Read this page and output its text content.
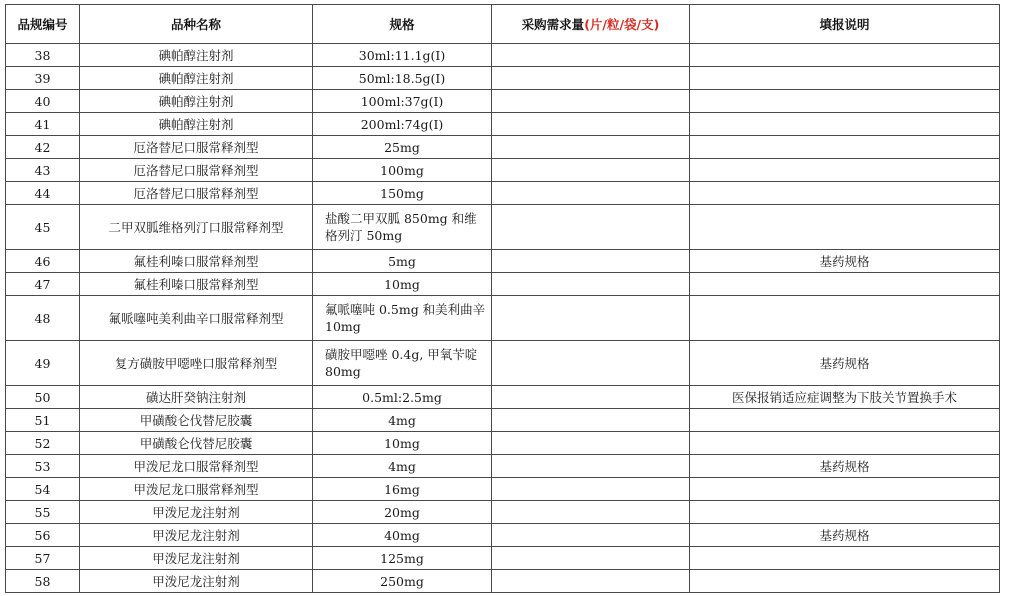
品规编号	品种名称	规格	采购需求量(片/粒/袋/支)	填报说明
38	碘帕醇注射剂	30ml:11.1g(I)		
39	碘帕醇注射剂	50ml:18.5g(I)		
40	碘帕醇注射剂	100ml:37g(I)		
41	碘帕醇注射剂	200ml:74g(I)		
42	厄洛替尼口服常释剂型	25mg		
43	厄洛替尼口服常释剂型	100mg		
44	厄洛替尼口服常释剂型	150mg		
45	二甲双胍维格列汀口服常释剂型	盐酸二甲双胍 850mg 和维格列汀 50mg		
46	氟桂利嗪口服常释剂型	5mg		基药规格
47	氟桂利嗪口服常释剂型	10mg		
48	氟哌噻吨美利曲辛口服常释剂型	氟哌噻吨 0.5mg 和美利曲辛 10mg		
49	复方磺胺甲噁唑口服常释剂型	磺胺甲噁唑 0.4g, 甲氧苄啶 80mg		基药规格
50	磺达肝癸钠注射剂	0.5ml:2.5mg		医保报销适应症调整为下肢关节置换手术
51	甲磺酸仑伐替尼胶囊	4mg		
52	甲磺酸仑伐替尼胶囊	10mg		
53	甲泼尼龙口服常释剂型	4mg		基药规格
54	甲泼尼龙口服常释剂型	16mg		
55	甲泼尼龙注射剂	20mg		
56	甲泼尼龙注射剂	40mg		基药规格
57	甲泼尼龙注射剂	125mg		
58	甲泼尼龙注射剂	250mg		
